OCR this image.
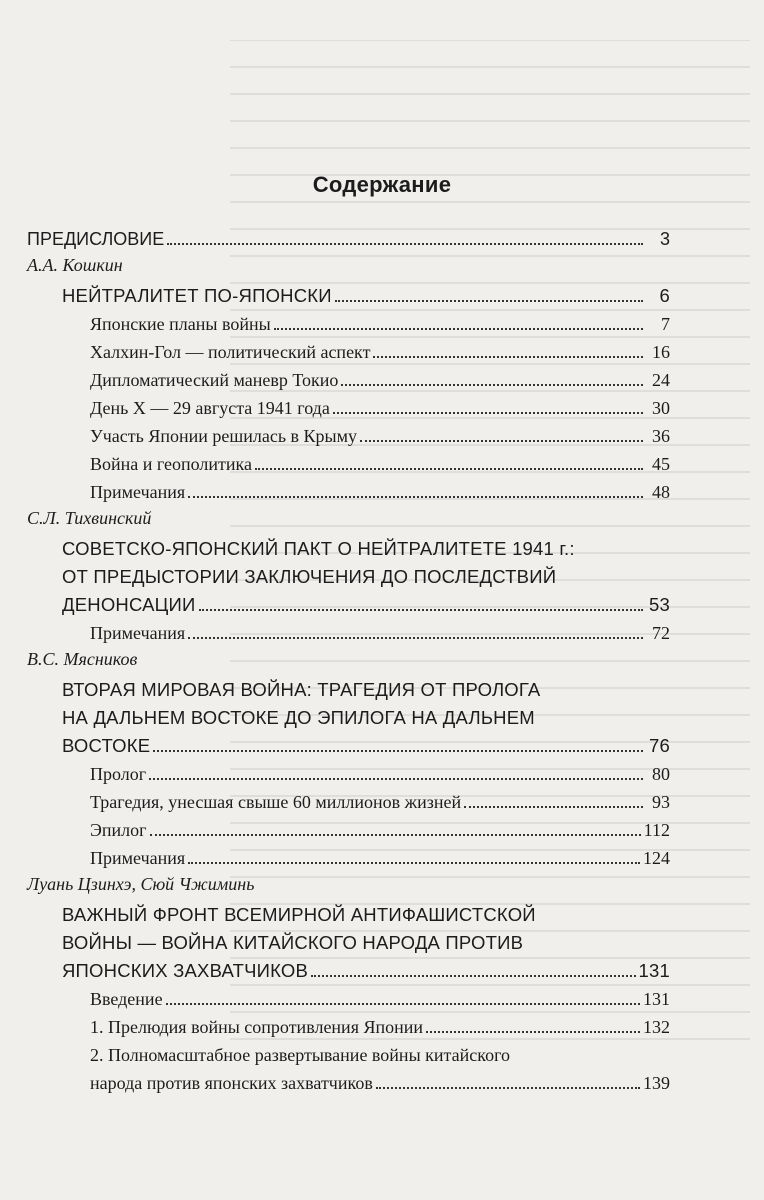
Содержание
ПРЕДИСЛОВИЕ	3
А.А. Кошкин
НЕЙТРАЛИТЕТ ПО-ЯПОНСКИ	6
Японские планы войны	7
Халхин-Гол — политический аспект	16
Дипломатический маневр Токио	24
День Х — 29 августа 1941 года	30
Участь Японии решилась в Крыму	36
Война и геополитика	45
Примечания	48
С.Л. Тихвинский
СОВЕТСКО-ЯПОНСКИЙ ПАКТ О НЕЙТРАЛИТЕТЕ 1941 г.:
ОТ ПРЕДЫСТОРИИ ЗАКЛЮЧЕНИЯ ДО ПОСЛЕДСТВИЙ
ДЕНОНСАЦИИ	53
Примечания	72
В.С. Мясников
ВТОРАЯ МИРОВАЯ ВОЙНА: ТРАГЕДИЯ ОТ ПРОЛОГА
НА ДАЛЬНЕМ ВОСТОКЕ ДО ЭПИЛОГА НА ДАЛЬНЕМ
ВОСТОКЕ	76
Пролог	80
Трагедия, унесшая свыше 60 миллионов жизней	93
Эпилог	112
Примечания	124
Луань Цзинхэ, Сюй Чжиминь
ВАЖНЫЙ ФРОНТ ВСЕМИРНОЙ АНТИФАШИСТСКОЙ
ВОЙНЫ — ВОЙНА КИТАЙСКОГО НАРОДА ПРОТИВ
ЯПОНСКИХ ЗАХВАТЧИКОВ	131
Введение	131
1. Прелюдия войны сопротивления Японии	132
2. Полномасштабное развертывание войны китайского
народа против японских захватчиков	139
